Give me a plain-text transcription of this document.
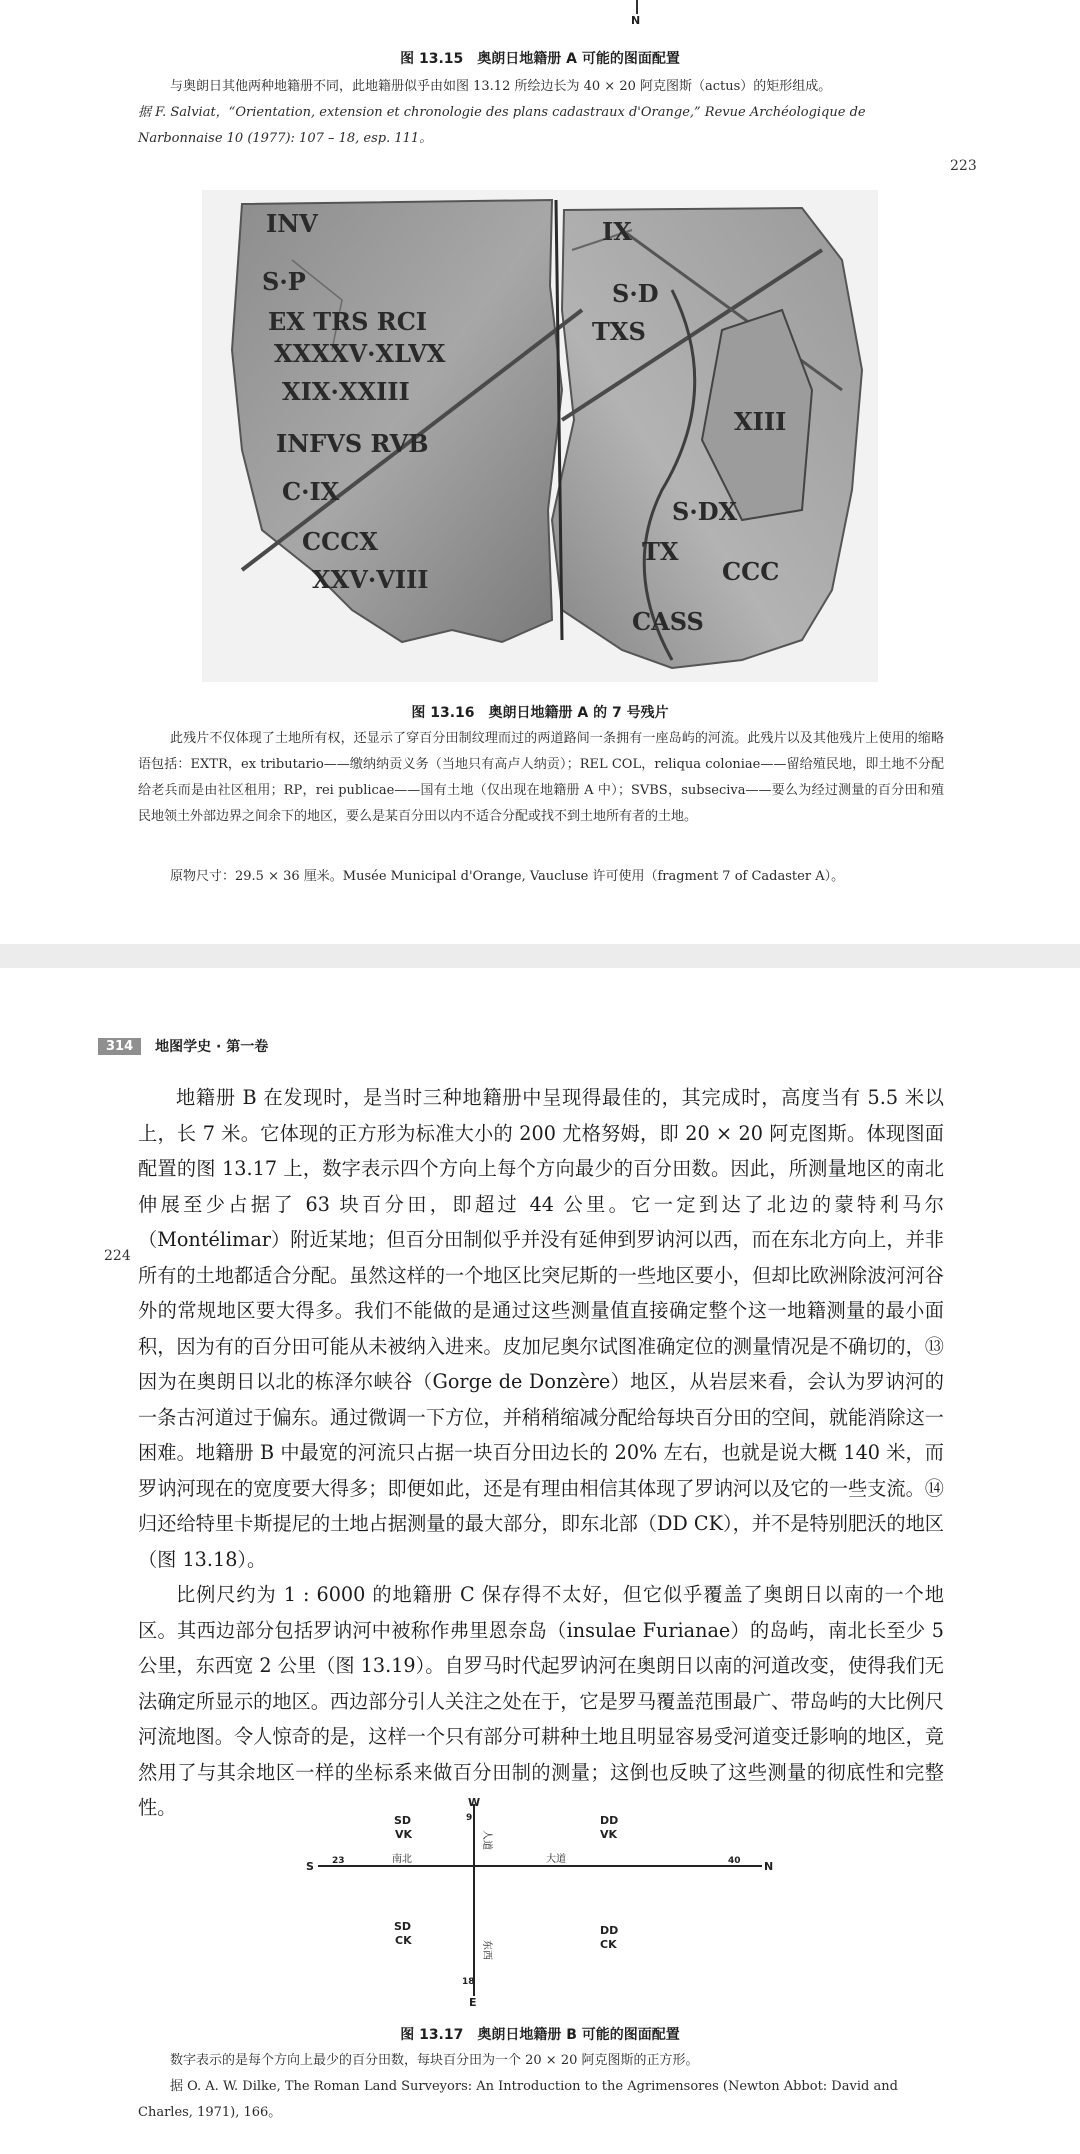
N
图 13.15　奥朗日地籍册 A 可能的图面配置
与奥朗日其他两种地籍册不同，此地籍册似乎由如图 13.12 所绘边长为 40 × 20 阿克图斯（actus）的矩形组成。
据 F. Salviat，“Orientation, extension et chronologie des plans cadastraux d'Orange,” Revue Archéologique de Narbonnaise 10 (1977): 107 – 18, esp. 111。
223
INV
S·P
EX TRS RCI
XXXXV·XLVX
XIX·XXIII
INFVS RVB
C·IX
CCCX
XXV·VIII
IX
S·D
TXS
XIII
S·DX
TX
CCC
CASS
图 13.16　奥朗日地籍册 A 的 7 号残片
此残片不仅体现了土地所有权，还显示了穿百分田制纹理而过的两道路间一条拥有一座岛屿的河流。此残片以及其他残片上使用的缩略语包括：EXTR，ex tributario——缴纳纳贡义务（当地只有高卢人纳贡）；REL COL，reliqua coloniae——留给殖民地，即土地不分配给老兵而是由社区租用；RP，rei publicae——国有土地（仅出现在地籍册 A 中）；SVBS，subseciva——要么为经过测量的百分田和殖民地领土外部边界之间余下的地区，要么是某百分田以内不适合分配或找不到土地所有者的土地。
原物尺寸：29.5 × 36 厘米。Musée Municipal d'Orange, Vaucluse 许可使用（fragment 7 of Cadaster A）。
314	地图学史 · 第一卷
224

地籍册 B 在发现时，是当时三种地籍册中呈现得最佳的，其完成时，高度当有 5.5 米以上，长 7 米。它体现的正方形为标准大小的 200 尤格努姆，即 20 × 20 阿克图斯。体现图面配置的图 13.17 上，数字表示四个方向上每个方向最少的百分田数。因此，所测量地区的南北伸展至少占据了 63 块百分田，即超过 44 公里。它一定到达了北边的蒙特利马尔（Montélimar）附近某地；但百分田制似乎并没有延伸到罗讷河以西，而在东北方向上，并非所有的土地都适合分配。虽然这样的一个地区比突尼斯的一些地区要小，但却比欧洲除波河河谷外的常规地区要大得多。我们不能做的是通过这些测量值直接确定整个这一地籍测量的最小面积，因为有的百分田可能从未被纳入进来。皮加尼奥尔试图准确定位的测量情况是不确切的，⑬ 因为在奥朗日以北的栋泽尔峡谷（Gorge de Donzère）地区，从岩层来看，会认为罗讷河的一条古河道过于偏东。通过微调一下方位，并稍稍缩减分配给每块百分田的空间，就能消除这一困难。地籍册 B 中最宽的河流只占据一块百分田边长的 20% 左右，也就是说大概 140 米，而罗讷河现在的宽度要大得多；即便如此，还是有理由相信其体现了罗讷河以及它的一些支流。⑭ 归还给特里卡斯提尼的土地占据测量的最大部分，即东北部（DD CK），并不是特别肥沃的地区（图 13.18）。

比例尺约为 1 : 6000 的地籍册 C 保存得不太好，但它似乎覆盖了奥朗日以南的一个地区。其西边部分包括罗讷河中被称作弗里恩奈岛（insulae Furianae）的岛屿，南北长至少 5 公里，东西宽 2 公里（图 13.19）。自罗马时代起罗讷河在奥朗日以南的河道改变，使得我们无法确定所显示的地区。西边部分引人关注之处在于，它是罗马覆盖范围最广、带岛屿的大比例尺河流地图。令人惊奇的是，这样一个只有部分可耕种土地且明显容易受河道变迁影响的地区，竟然用了与其余地区一样的坐标系来做百分田制的测量；这倒也反映了这些测量的彻底性和完整性。	W
E
S	N
9
23	40
18
南北	大道
人道
东西
SD
VK
DD
VK
SD
CK
DD
CK
图 13.17　奥朗日地籍册 B 可能的图面配置
数字表示的是每个方向上最少的百分田数，每块百分田为一个 20 × 20 阿克图斯的正方形。
据 O. A. W. Dilke, The Roman Land Surveyors: An Introduction to the Agrimensores (Newton Abbot: David and Charles, 1971), 166。
